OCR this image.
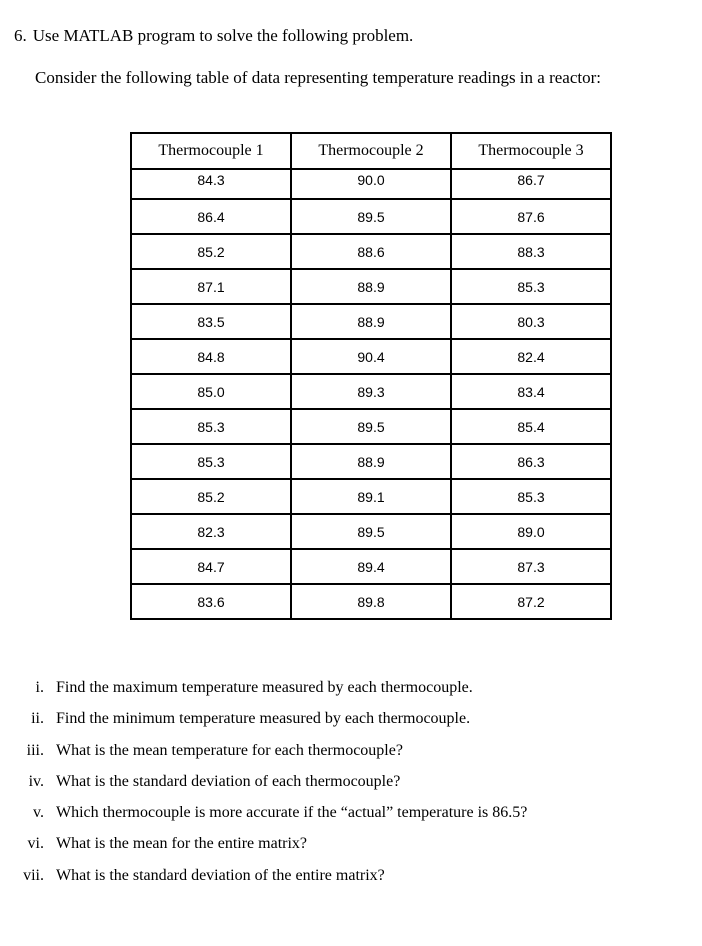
6. Use MATLAB program to solve the following problem.
Consider the following table of data representing temperature readings in a reactor:
Thermocouple 1	Thermocouple 2	Thermocouple 3
84.3	90.0	86.7
86.4	89.5	87.6
85.2	88.6	88.3
87.1	88.9	85.3
83.5	88.9	80.3
84.8	90.4	82.4
85.0	89.3	83.4
85.3	89.5	85.4
85.3	88.9	86.3
85.2	89.1	85.3
82.3	89.5	89.0
84.7	89.4	87.3
83.6	89.8	87.2
i. Find the maximum temperature measured by each thermocouple.
ii. Find the minimum temperature measured by each thermocouple.
iii. What is the mean temperature for each thermocouple?
iv. What is the standard deviation of each thermocouple?
v. Which thermocouple is more accurate if the “actual” temperature is 86.5?
vi. What is the mean for the entire matrix?
vii. What is the standard deviation of the entire matrix?
